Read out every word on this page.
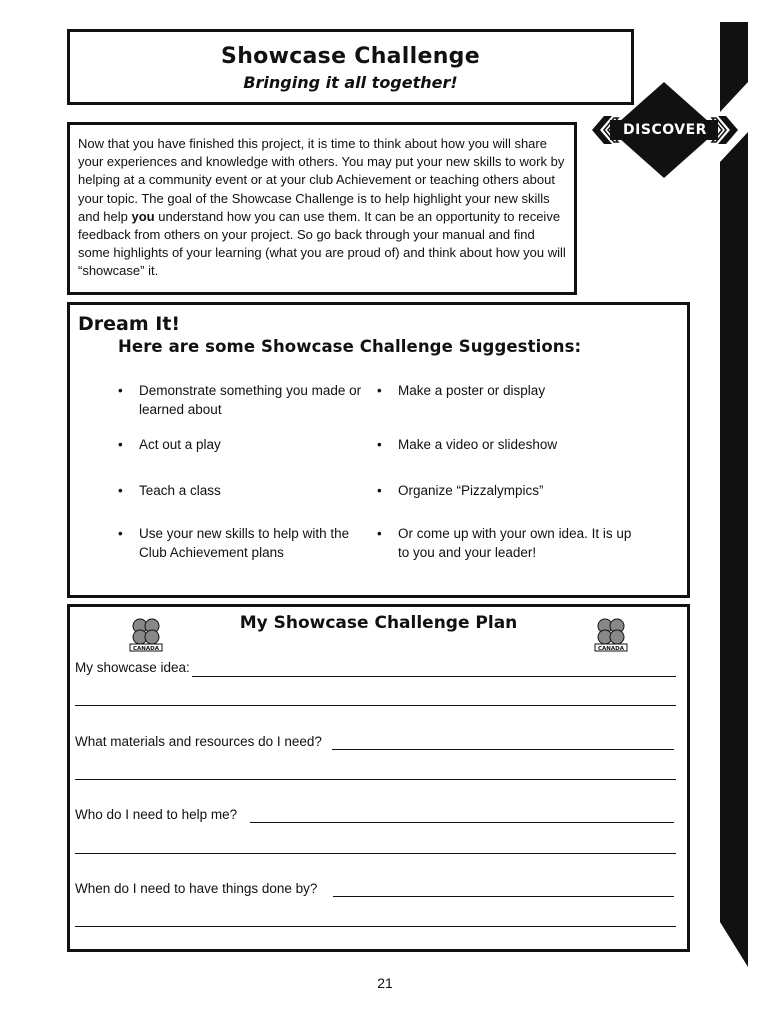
Showcase Challenge
Bringing it all together!
DISCOVER

Now that you have finished this project, it is time to think about how you will share your experiences and knowledge with others. You may put your new skills to work by helping at a community event or at your club Achievement or teaching others about your topic. The goal of the Showcase Challenge is to help highlight your new skills and help you understand how you can use them. It can be an opportunity to receive feedback from others on your project. So go back through your manual and find some highlights of your learning (what you are proud of) and think about how you will “showcase” it.

Dream It!
Here are some Showcase Challenge Suggestions:
• Demonstrate something you made or learned about
• Act out a play
• Teach a class
• Use your new skills to help with the Club Achievement plans
• Make a poster or display
• Make a video or slideshow
• Organize “Pizzalympics”
• Or come up with your own idea. It is up to you and your leader!
My Showcase Challenge Plan
CANADA	CANADA
My showcase idea:
What materials and resources do I need?
Who do I need to help me?
When do I need to have things done by?
21
